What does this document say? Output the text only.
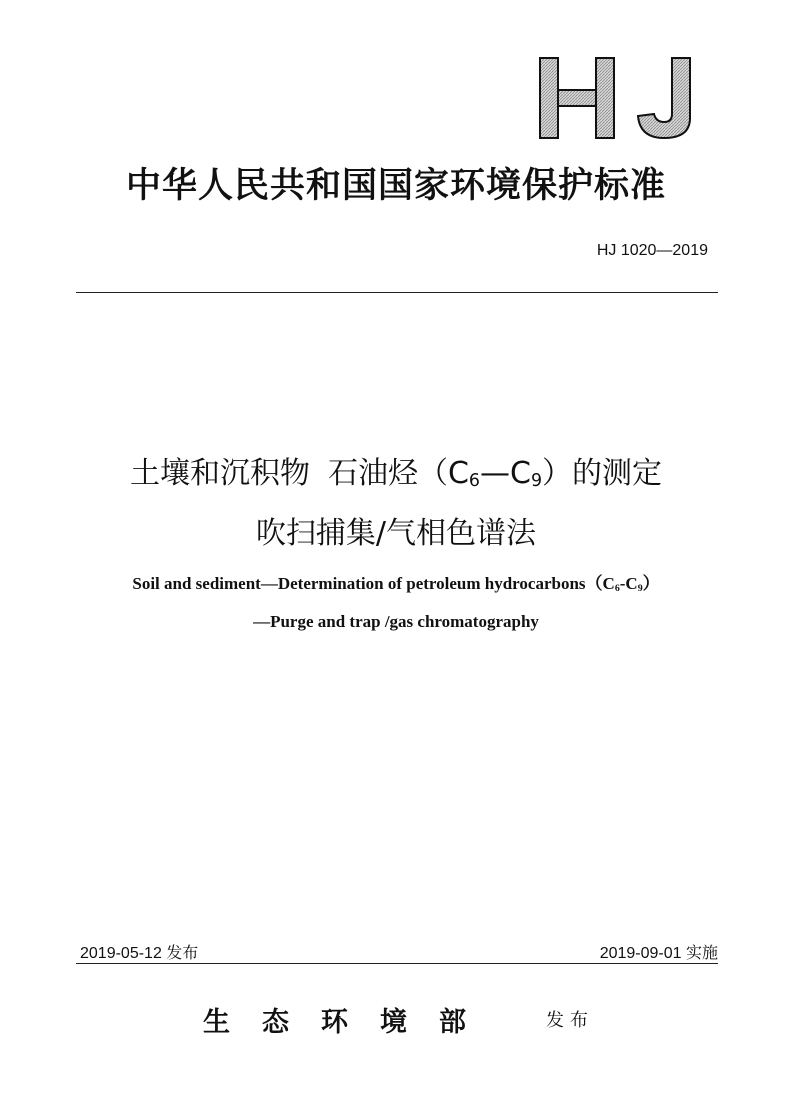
中华人民共和国国家环境保护标准
HJ 1020—2019
土壤和沉积物 石油烃$(C_6—C_9)$的测定
吹扫捕集/气相色谱法
Soil and sediment—Determination of petroleum $hydrocarbons(C_6-C_9)$
—Purge and trap /gas chromatography
2019-05-12 发布	2019-09-01 实施
生态环境部	发布
